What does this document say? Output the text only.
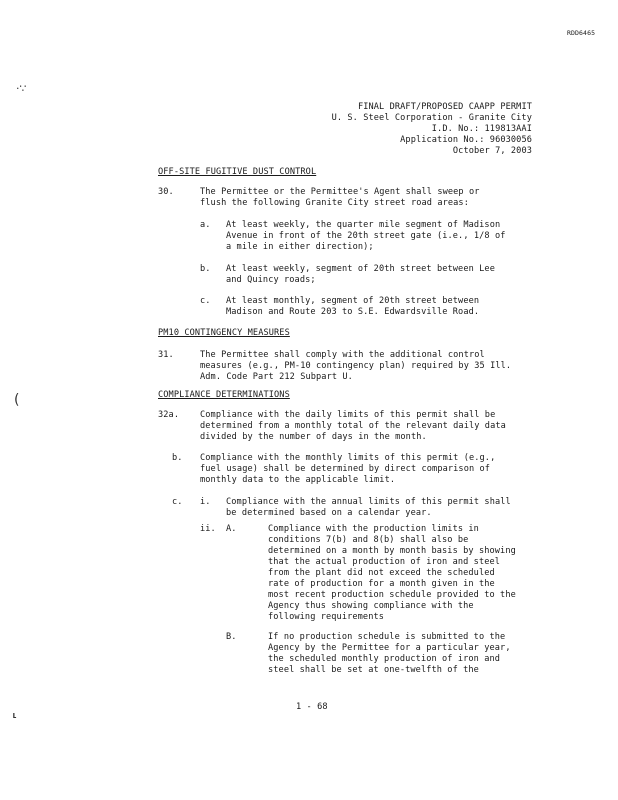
RDD6465
FINAL DRAFT/PROPOSED CAAPP PERMIT
U. S. Steel Corporation - Granite City
I.D. No.: 119813AAI
Application No.: 96030056
October 7, 2003
OFF-SITE FUGITIVE DUST CONTROL
30.	The Permittee or the Permittee's Agent shall sweep or flush the following Granite City street road areas:
a. At least weekly, the quarter mile segment of Madison Avenue in front of the 20th street gate (i.e., 1/8 of a mile in either direction);
b. At least weekly, segment of 20th street between Lee and Quincy roads;
c. At least monthly, segment of 20th street between Madison and Route 203 to S.E. Edwardsville Road.
PM10 CONTINGENCY MEASURES
31.	The Permittee shall comply with the additional control measures (e.g., PM-10 contingency plan) required by 35 Ill. Adm. Code Part 212 Subpart U.
COMPLIANCE DETERMINATIONS
32a. Compliance with the daily limits of this permit shall be determined from a monthly total of the relevant daily data divided by the number of days in the month.
b. Compliance with the monthly limits of this permit (e.g., fuel usage) shall be determined by direct comparison of monthly data to the applicable limit.
c. i. Compliance with the annual limits of this permit shall be determined based on a calendar year.
ii. A.	Compliance with the production limits in conditions 7(b) and 8(b) shall also be determined on a month by month basis by showing that the actual production of iron and steel from the plant did not exceed the scheduled rate of production for a month given in the most recent production schedule provided to the Agency thus showing compliance with the following requirements
B.	If no production schedule is submitted to the Agency by the Permittee for a particular year, the scheduled monthly production of iron and steel shall be set at one-twelfth of the
1 - 68
·∵
(
⸤
